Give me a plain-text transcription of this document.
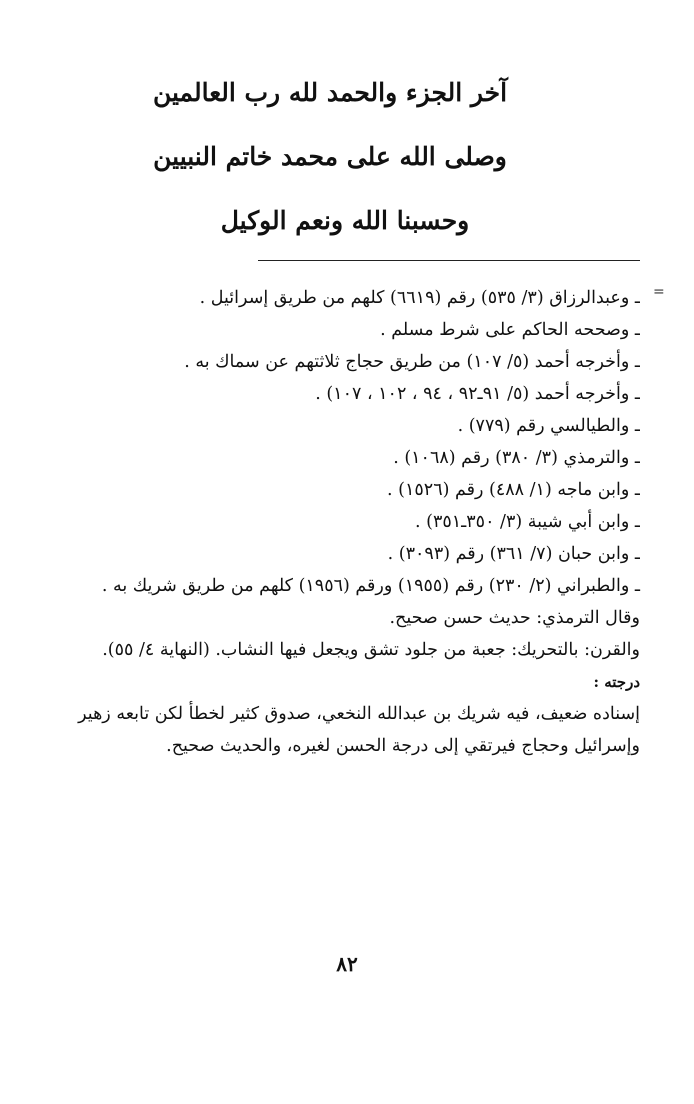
آخر الجزء والحمد لله رب العالمين
وصلى الله على محمد خاتم النبيين
وحسبنا الله ونعم الوكيل
=
ـ وعبدالرزاق (٣/ ٥٣٥) رقم (٦٦١٩) كلهم من طريق إسرائيل .
ـ وصححه الحاكم على شرط مسلم .
ـ وأخرجه أحمد (٥/ ١٠٧) من طريق حجاج ثلاثتهم عن سماك به .
ـ وأخرجه أحمد (٥/ ٩١ـ٩٢ ، ٩٤ ، ١٠٢ ، ١٠٧) .
ـ والطيالسي رقم (٧٧٩) .
ـ والترمذي (٣/ ٣٨٠) رقم (١٠٦٨) .
ـ وابن ماجه (١/ ٤٨٨) رقم (١٥٢٦) .
ـ وابن أبي شيبة (٣/ ٣٥٠ـ٣٥١) .
ـ وابن حبان (٧/ ٣٦١) رقم (٣٠٩٣) .
ـ والطبراني (٢/ ٢٣٠) رقم (١٩٥٥) ورقم (١٩٥٦) كلهم من طريق شريك به .
وقال الترمذي: حديث حسن صحيح.
والقرن: بالتحريك: جعبة من جلود تشق ويجعل فيها النشاب. (النهاية ٤/ ٥٥).
درجته :
إسناده ضعيف، فيه شريك بن عبدالله النخعي، صدوق كثير لخطأ لكن تابعه زهير وإسرائيل وحجاج فيرتقي إلى درجة الحسن لغيره، والحديث صحيح.
٨٢
